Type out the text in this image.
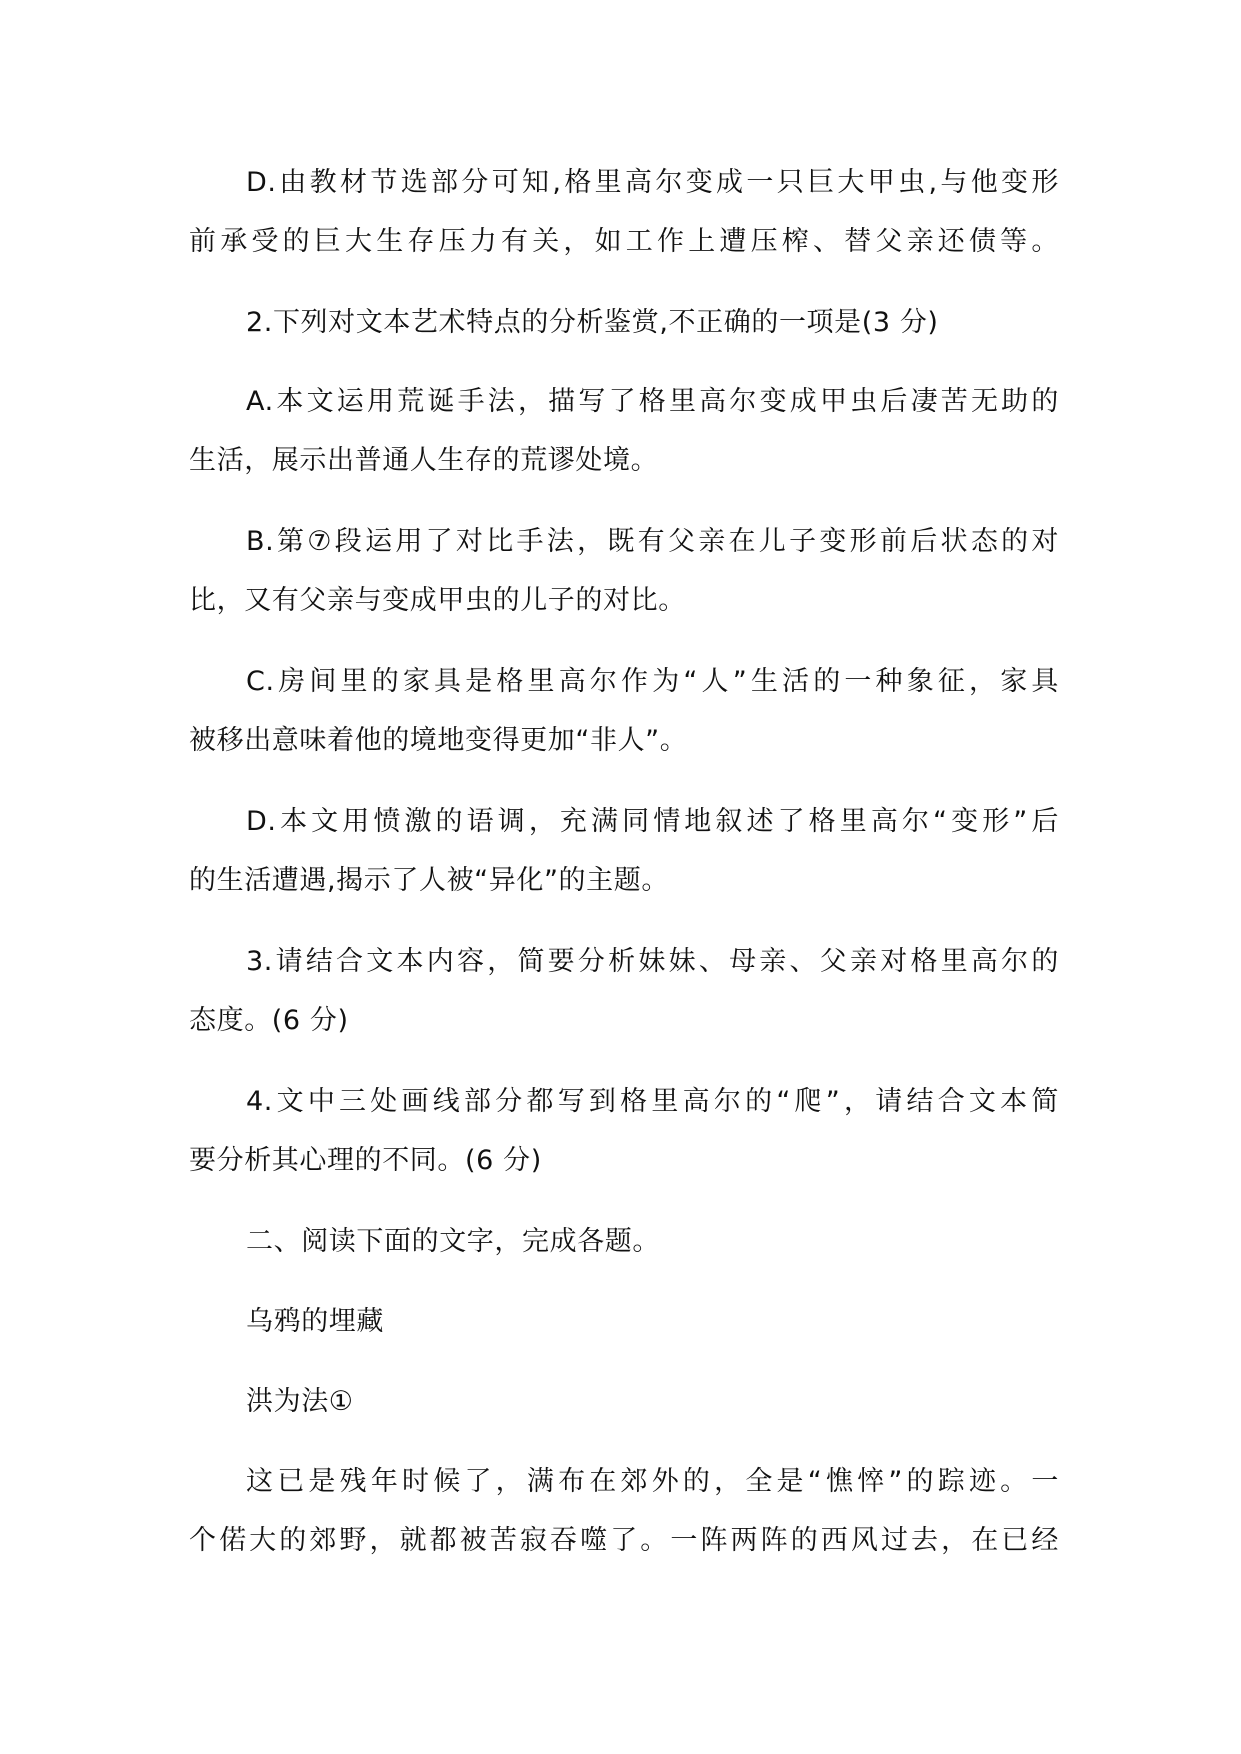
D.由教材节选部分可知,格里高尔变成一只巨大甲虫,与他变形
前承受的巨大生存压力有关，如工作上遭压榨、替父亲还债等。
2.下列对文本艺术特点的分析鉴赏,不正确的一项是(3 分)
A.本文运用荒诞手法，描写了格里高尔变成甲虫后凄苦无助的
生活，展示出普通人生存的荒谬处境。
B.第⑦段运用了对比手法，既有父亲在儿子变形前后状态的对
比，又有父亲与变成甲虫的儿子的对比。
C.房间里的家具是格里高尔作为“人”生活的一种象征，家具
被移出意味着他的境地变得更加“非人”。
D.本文用愤激的语调，充满同情地叙述了格里高尔“变形”后
的生活遭遇,揭示了人被“异化”的主题。
3.请结合文本内容，简要分析妹妹、母亲、父亲对格里高尔的
态度。(6 分)
4.文中三处画线部分都写到格里高尔的“爬”，请结合文本简
要分析其心理的不同。(6 分)
二、阅读下面的文字，完成各题。
乌鸦的埋藏
洪为法①
这已是残年时候了，满布在郊外的，全是“憔悴”的踪迹。一
个偌大的郊野，就都被苦寂吞噬了。一阵两阵的西风过去，在已经
